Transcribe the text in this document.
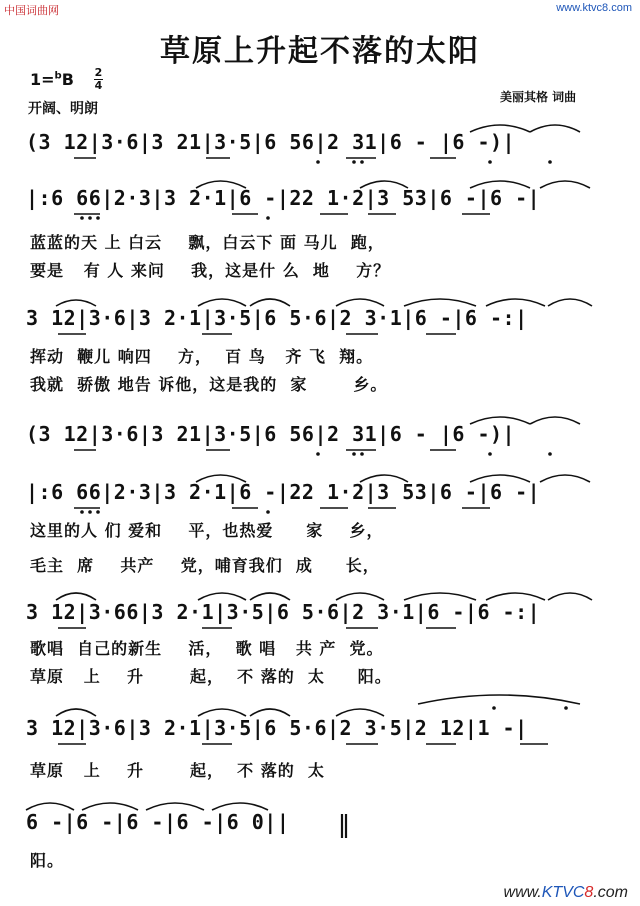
中国词曲网	www.ktvc8.com
草原上升起不落的太阳
1=$^b$B 2
4
开阔、明朗
美丽其格 词曲
(3 12|3·6|3 21|3·5|6 56|2 31|6 - |6 -)|
|:6 66|2·3|3 2·1|6 -|22 1·2|3 53|6 -|6 -|
蓝蓝的天 上 白云    飘，白云下 面 马儿  跑，
要是   有 人 来问    我，这是什 么  地    方？
3 12|3·6|3 2·1|3·5|6 5·6|2 3·1|6 -|6 -:|
挥动  鞭儿 响四    方，  百 鸟   齐 飞  翔。
我就  骄傲 地告 诉他，这是我的  家       乡。
(3 12|3·6|3 21|3·5|6 56|2 31|6 - |6 -)|
|:6 66|2·3|3 2·1|6 -|22 1·2|3 53|6 -|6 -|
这里的人 们 爱和    平，也热爱     家    乡，
毛主  席    共产    党，哺育我们  成     长，
3 12|3·66|3 2·1|3·5|6 5·6|2 3·1|6 -|6 -:|
歌唱  自己的新生    活，  歌 唱   共 产  党。
草原   上    升       起，  不 落的  太     阳。
3 12|3·6|3 2·1|3·5|6 5·6|2 3·5|2 12|1 -|
草原   上    升       起，  不 落的  太
6 -|6 -|6 -|6 -|6 0||
阳。
www.KTVC8.com
